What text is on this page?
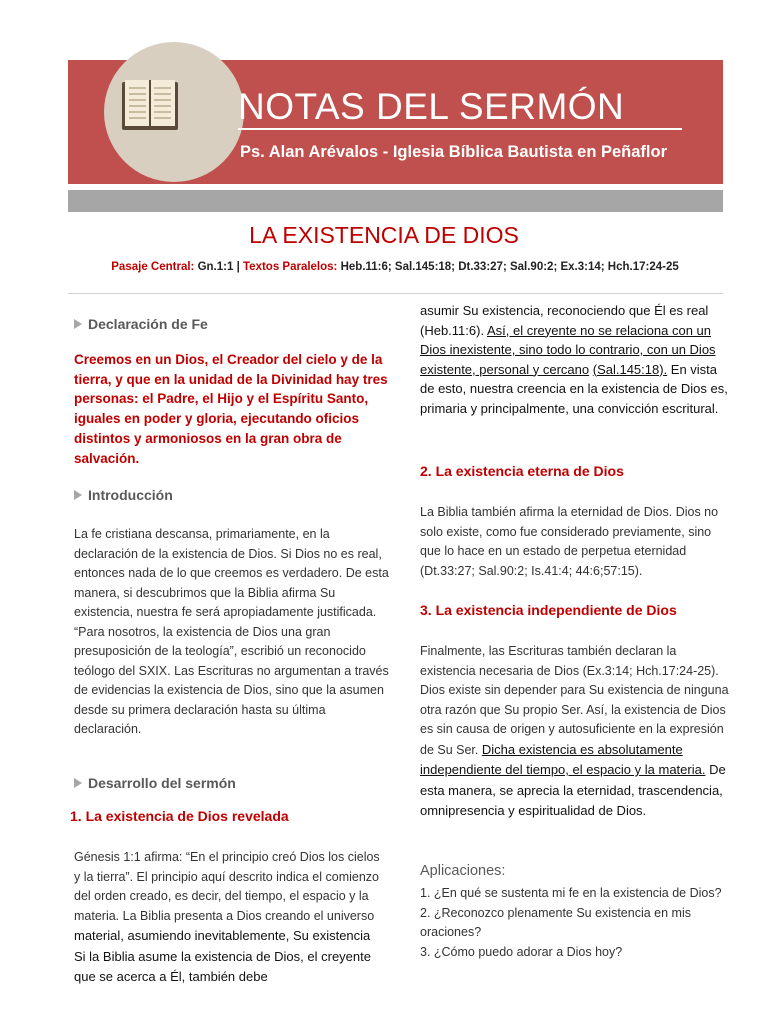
NOTAS DEL SERMÓN
Ps. Alan Arévalos - Iglesia Bíblica Bautista en Peñaflor
LA EXISTENCIA DE DIOS
Pasaje Central: Gn.1:1 | Textos Paralelos: Heb.11:6; Sal.145:18; Dt.33:27; Sal.90:2; Ex.3:14; Hch.17:24-25
Declaración de Fe
Creemos en un Dios, el Creador del cielo y de la tierra, y que en la unidad de la Divinidad hay tres personas: el Padre, el Hijo y el Espíritu Santo, iguales en poder y gloria, ejecutando oficios distintos y armoniosos en la gran obra de salvación.
Introducción
La fe cristiana descansa, primariamente, en la declaración de la existencia de Dios. Si Dios no es real, entonces nada de lo que creemos es verdadero. De esta manera, si descubrimos que la Biblia afirma Su existencia, nuestra fe será apropiadamente justificada. “Para nosotros, la existencia de Dios una gran presuposición de la teología”, escribió un reconocido teólogo del SXIX. Las Escrituras no argumentan a través de evidencias la existencia de Dios, sino que la asumen desde su primera declaración hasta su última declaración.
Desarrollo del sermón
1. La existencia de Dios revelada
Génesis 1:1 afirma: “En el principio creó Dios los cielos y la tierra”. El principio aquí descrito indica el comienzo del orden creado, es decir, del tiempo, el espacio y la materia. La Biblia presenta a Dios creando el universo material, asumiendo inevitablemente, Su existencia
Si la Biblia asume la existencia de Dios, el creyente que se acerca a Él, también debe
asumir Su existencia, reconociendo que Él es real (Heb.11:6). Así, el creyente no se relaciona con un Dios inexistente, sino todo lo contrario, con un Dios existente, personal y cercano (Sal.145:18). En vista de esto, nuestra creencia en la existencia de Dios es, primaria y principalmente, una convicción escritural.
2. La existencia eterna de Dios
La Biblia también afirma la eternidad de Dios. Dios no solo existe, como fue considerado previamente, sino que lo hace en un estado de perpetua eternidad (Dt.33:27; Sal.90:2; Is.41:4; 44:6;57:15).
3. La existencia independiente de Dios
Finalmente, las Escrituras también declaran la existencia necesaria de Dios (Ex.3:14; Hch.17:24-25). Dios existe sin depender para Su existencia de ninguna otra razón que Su propio Ser. Así, la existencia de Dios es sin causa de origen y autosuficiente en la expresión de Su Ser. Dicha existencia es absolutamente independiente del tiempo, el espacio y la materia. De esta manera, se aprecia la eternidad, trascendencia, omnipresencia y espiritualidad de Dios.
Aplicaciones:
1. ¿En qué se sustenta mi fe en la existencia de Dios?
2. ¿Reconozco plenamente Su existencia en mis oraciones?
3. ¿Cómo puedo adorar a Dios hoy?
